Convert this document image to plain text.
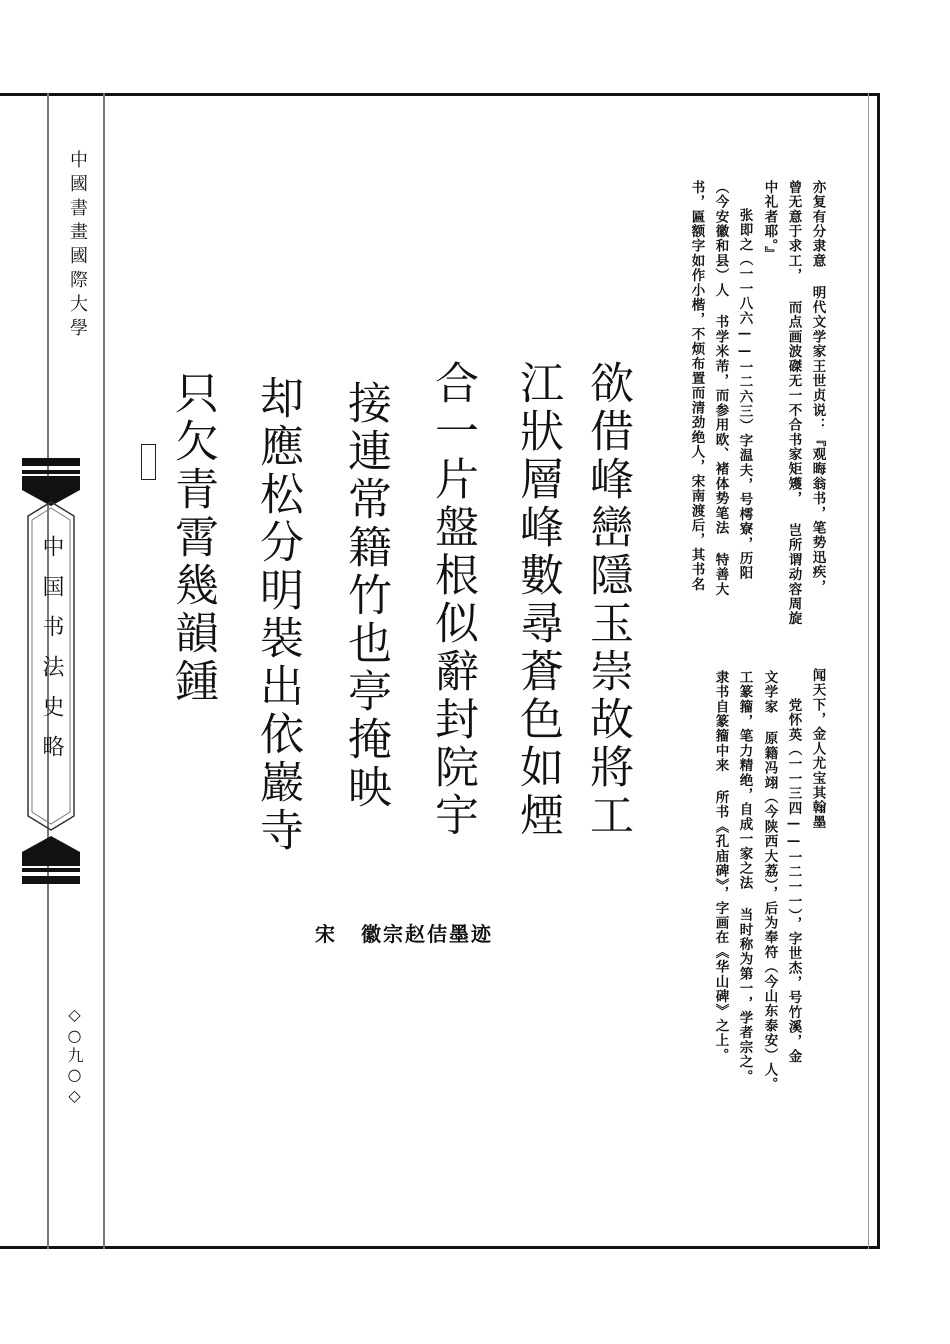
中國書畫國際大學
中国书法史略
◇○九○◇
亦复有分隶意 明代文学家王世贞说：『观晦翁书，笔势迅疾，
曾无意于求工， 而点画波磔无一不合书家矩矱， 岂所谓动容周旋
中礼者耶。』
张即之（一一八六——一二六三）字温夫，号樗寮，历阳
（今安徽和县）人 书学米芾，而参用欧、褚体势笔法 特善大
书，匾额字如作小楷，不烦布置而清劲绝人，宋南渡后，其书名
闻天下，金人尤宝其翰墨
党怀英（一一三四——一二一一），字世杰，号竹溪，金
文学家 原籍冯翊（今陕西大荔），后为奉符（今山东泰安）人。
工篆籀，笔力精绝，自成一家之法 当时称为第一，学者宗之。
隶书自篆籀中来 所书《孔庙碑》，字画在《华山碑》之上。
欲借峰巒隱玉崇故將工
江狀層峰數尋蒼色如煙
合一片盤根似辭封院宇
接連常籍竹也亭掩映
却應松分明裝出依巖寺
只欠青霄幾韻鍾
宋 徽宗赵佶墨迹
